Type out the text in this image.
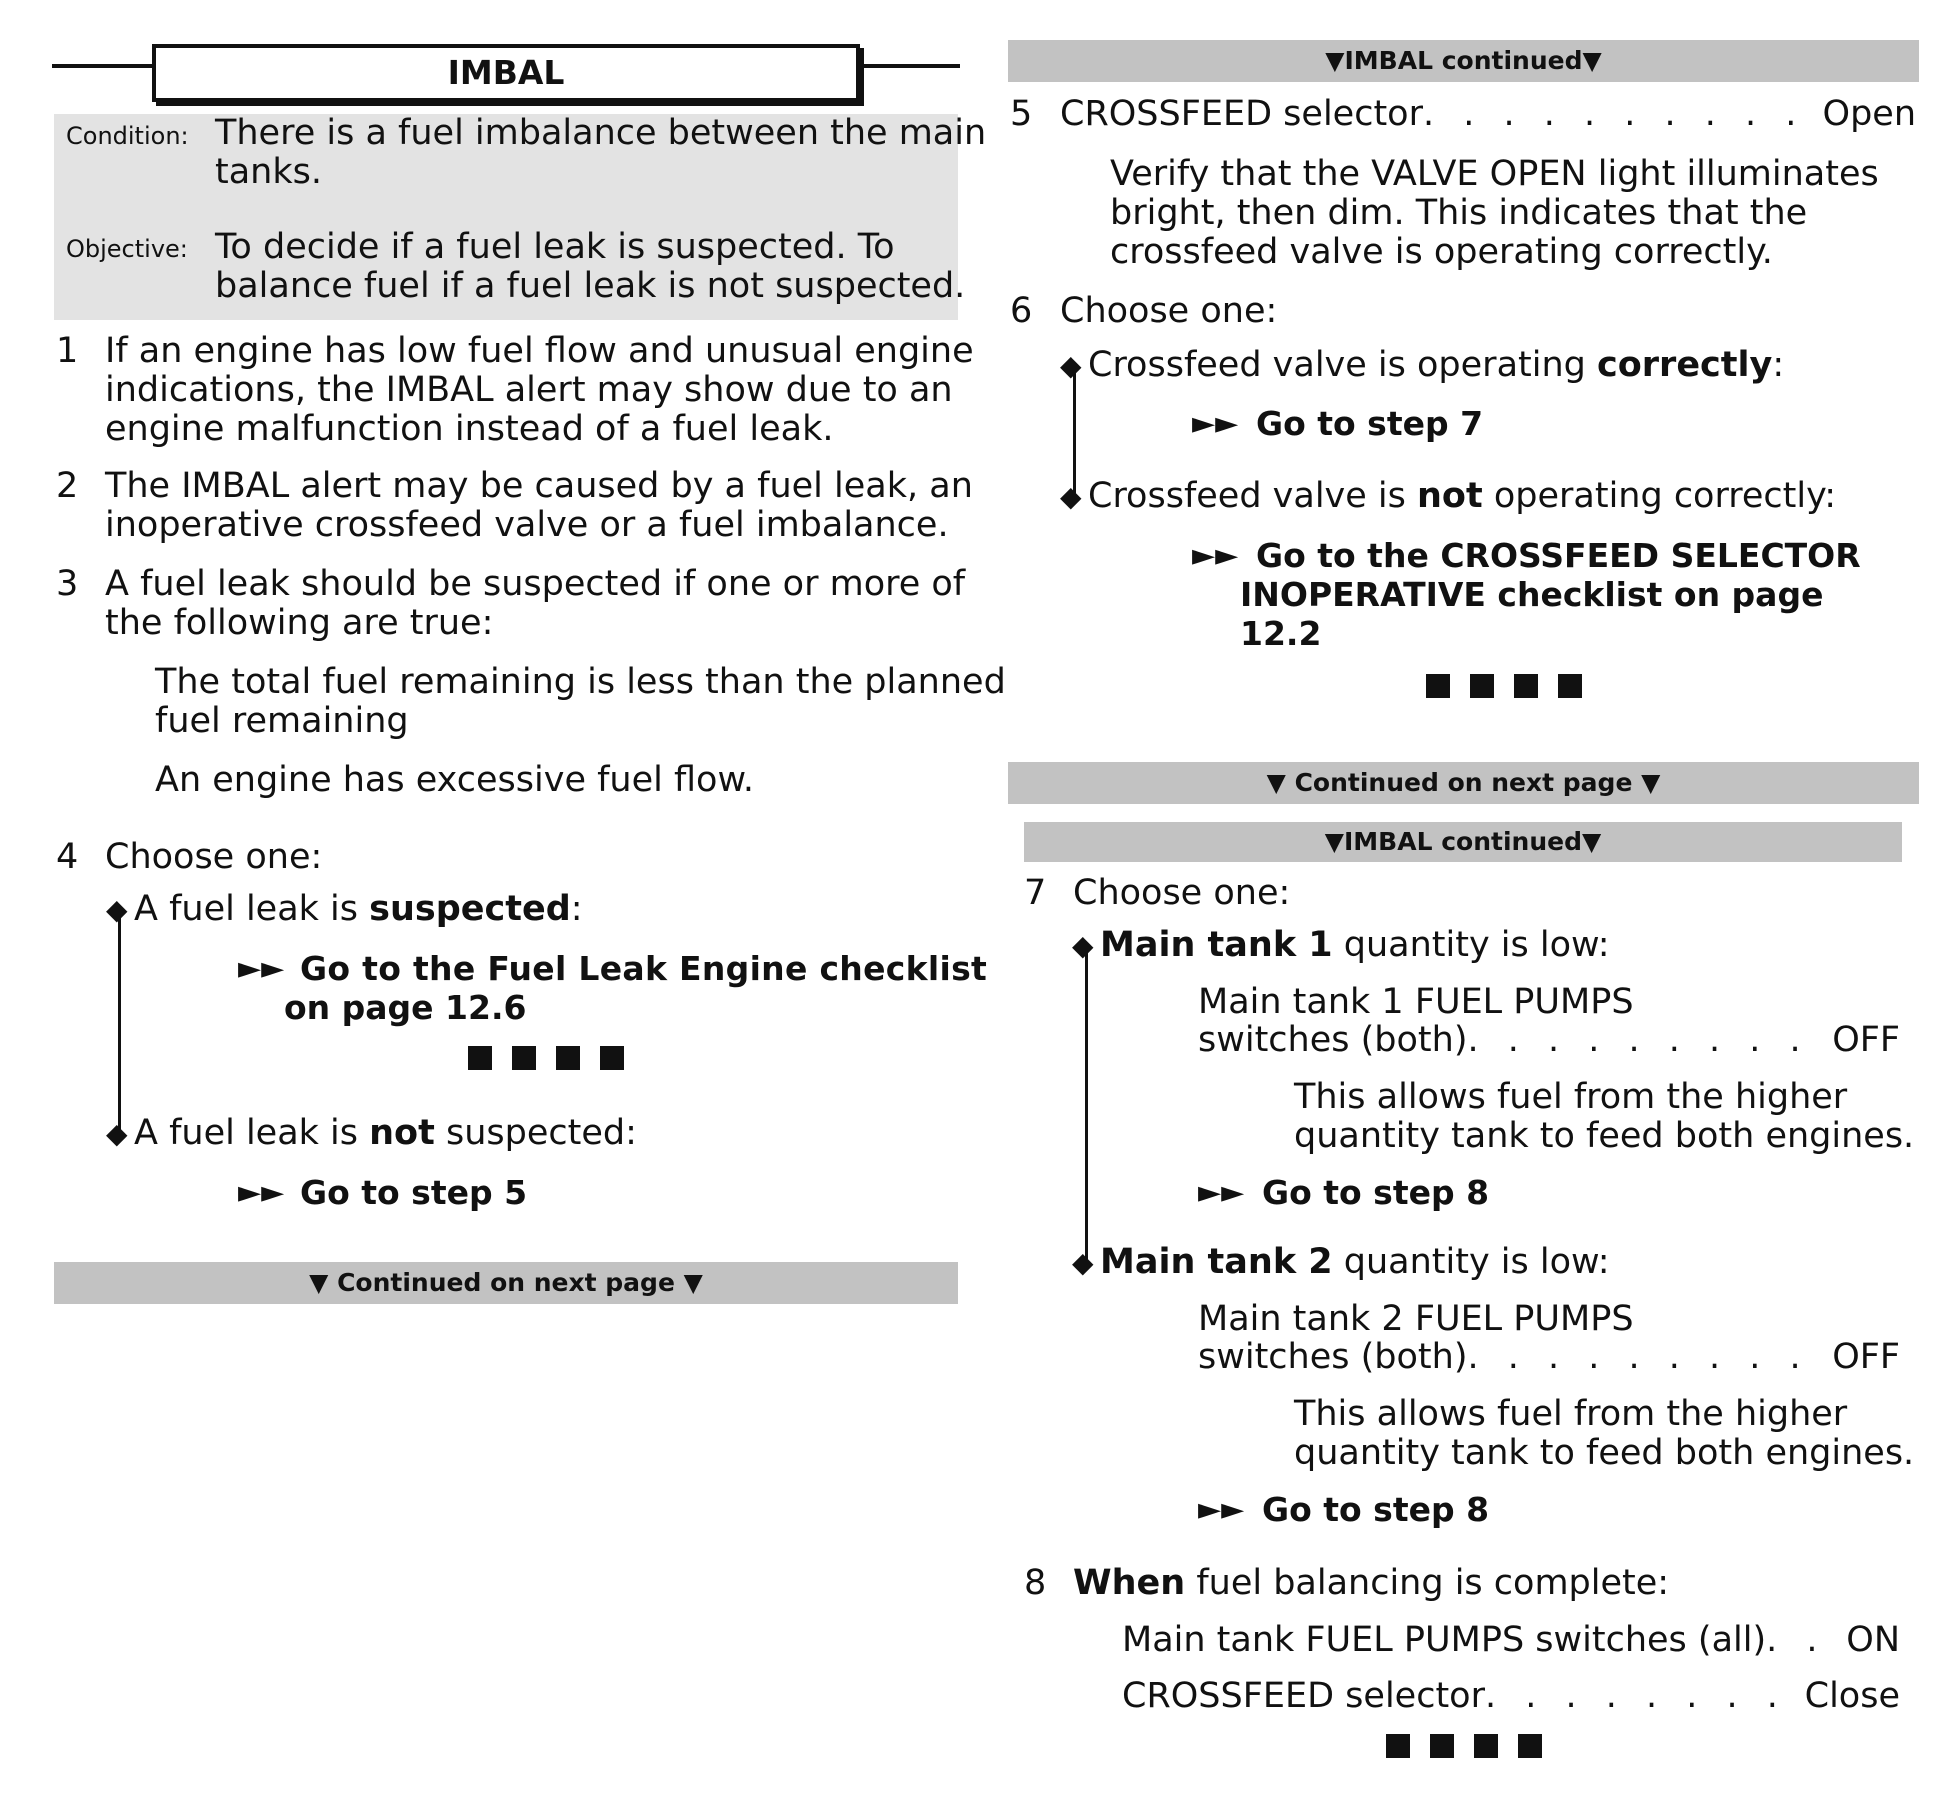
IMBAL
Condition: There is a fuel imbalance between the main
tanks.
Objective: To decide if a fuel leak is suspected. To
balance fuel if a fuel leak is not suspected.
1 If an engine has low fuel flow and unusual engine
indications, the IMBAL alert may show due to an
engine malfunction instead of a fuel leak.
2 The IMBAL alert may be caused by a fuel leak, an
inoperative crossfeed valve or a fuel imbalance.
3 A fuel leak should be suspected if one or more of
the following are true:
The total fuel remaining is less than the planned
fuel remaining
An engine has excessive fuel flow.
4 Choose one:
◆ A fuel leak is suspected:
►► Go to the Fuel Leak Engine checklist
on page 12.6
◆ A fuel leak is not suspected:
►► Go to step 5
▼ Continued on next page ▼
▼IMBAL continued▼
5 CROSSFEED selector . . .	Open
Verify that the VALVE OPEN light illuminates
bright, then dim. This indicates that the
crossfeed valve is operating correctly.
6 Choose one:
◆ Crossfeed valve is operating correctly:
►► Go to step 7
◆ Crossfeed valve is not operating correctly:
►► Go to the CROSSFEED SELECTOR
INOPERATIVE checklist on page
12.2
▼ Continued on next page ▼
▼IMBAL continued▼
7 Choose one:
◆ Main tank 1 quantity is low:
Main tank 1 FUEL PUMPS
switches (both) . . .	OFF
This allows fuel from the higher
quantity tank to feed both engines.
►► Go to step 8
◆ Main tank 2 quantity is low:
Main tank 2 FUEL PUMPS
switches (both) . . .	OFF
This allows fuel from the higher
quantity tank to feed both engines.
►► Go to step 8
8 When fuel balancing is complete:
Main tank FUEL PUMPS switches (all) . . . ON
CROSSFEED selector . . .	Close
